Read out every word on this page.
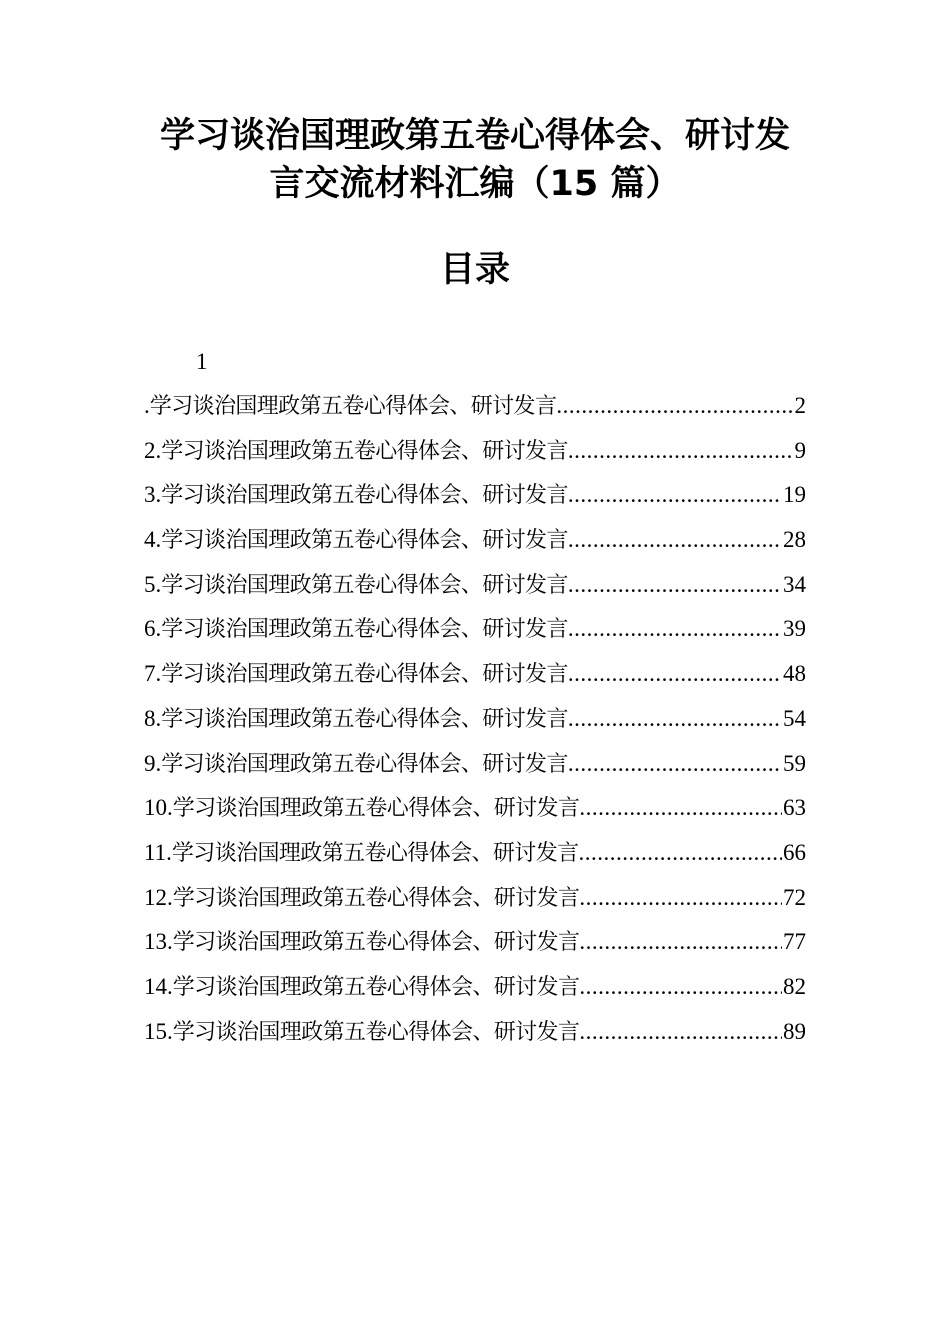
学习谈治国理政第五卷心得体会、研讨发
言交流材料汇编（15 篇）
目录
1
. 学习谈治国理政第五卷心得体会、研讨发言 .....	2
2. 学习谈治国理政第五卷心得体会、研讨发言 .....	9
3. 学习谈治国理政第五卷心得体会、研讨发言 .....	19
4. 学习谈治国理政第五卷心得体会、研讨发言 .....	28
5. 学习谈治国理政第五卷心得体会、研讨发言 .....	34
6. 学习谈治国理政第五卷心得体会、研讨发言 .....	39
7. 学习谈治国理政第五卷心得体会、研讨发言 .....	48
8. 学习谈治国理政第五卷心得体会、研讨发言 .....	54
9. 学习谈治国理政第五卷心得体会、研讨发言 .....	59
10. 学习谈治国理政第五卷心得体会、研讨发言 .....	63
11. 学习谈治国理政第五卷心得体会、研讨发言 .....	66
12. 学习谈治国理政第五卷心得体会、研讨发言 .....	72
13. 学习谈治国理政第五卷心得体会、研讨发言 .....	77
14. 学习谈治国理政第五卷心得体会、研讨发言 .....	82
15. 学习谈治国理政第五卷心得体会、研讨发言 .....	89
